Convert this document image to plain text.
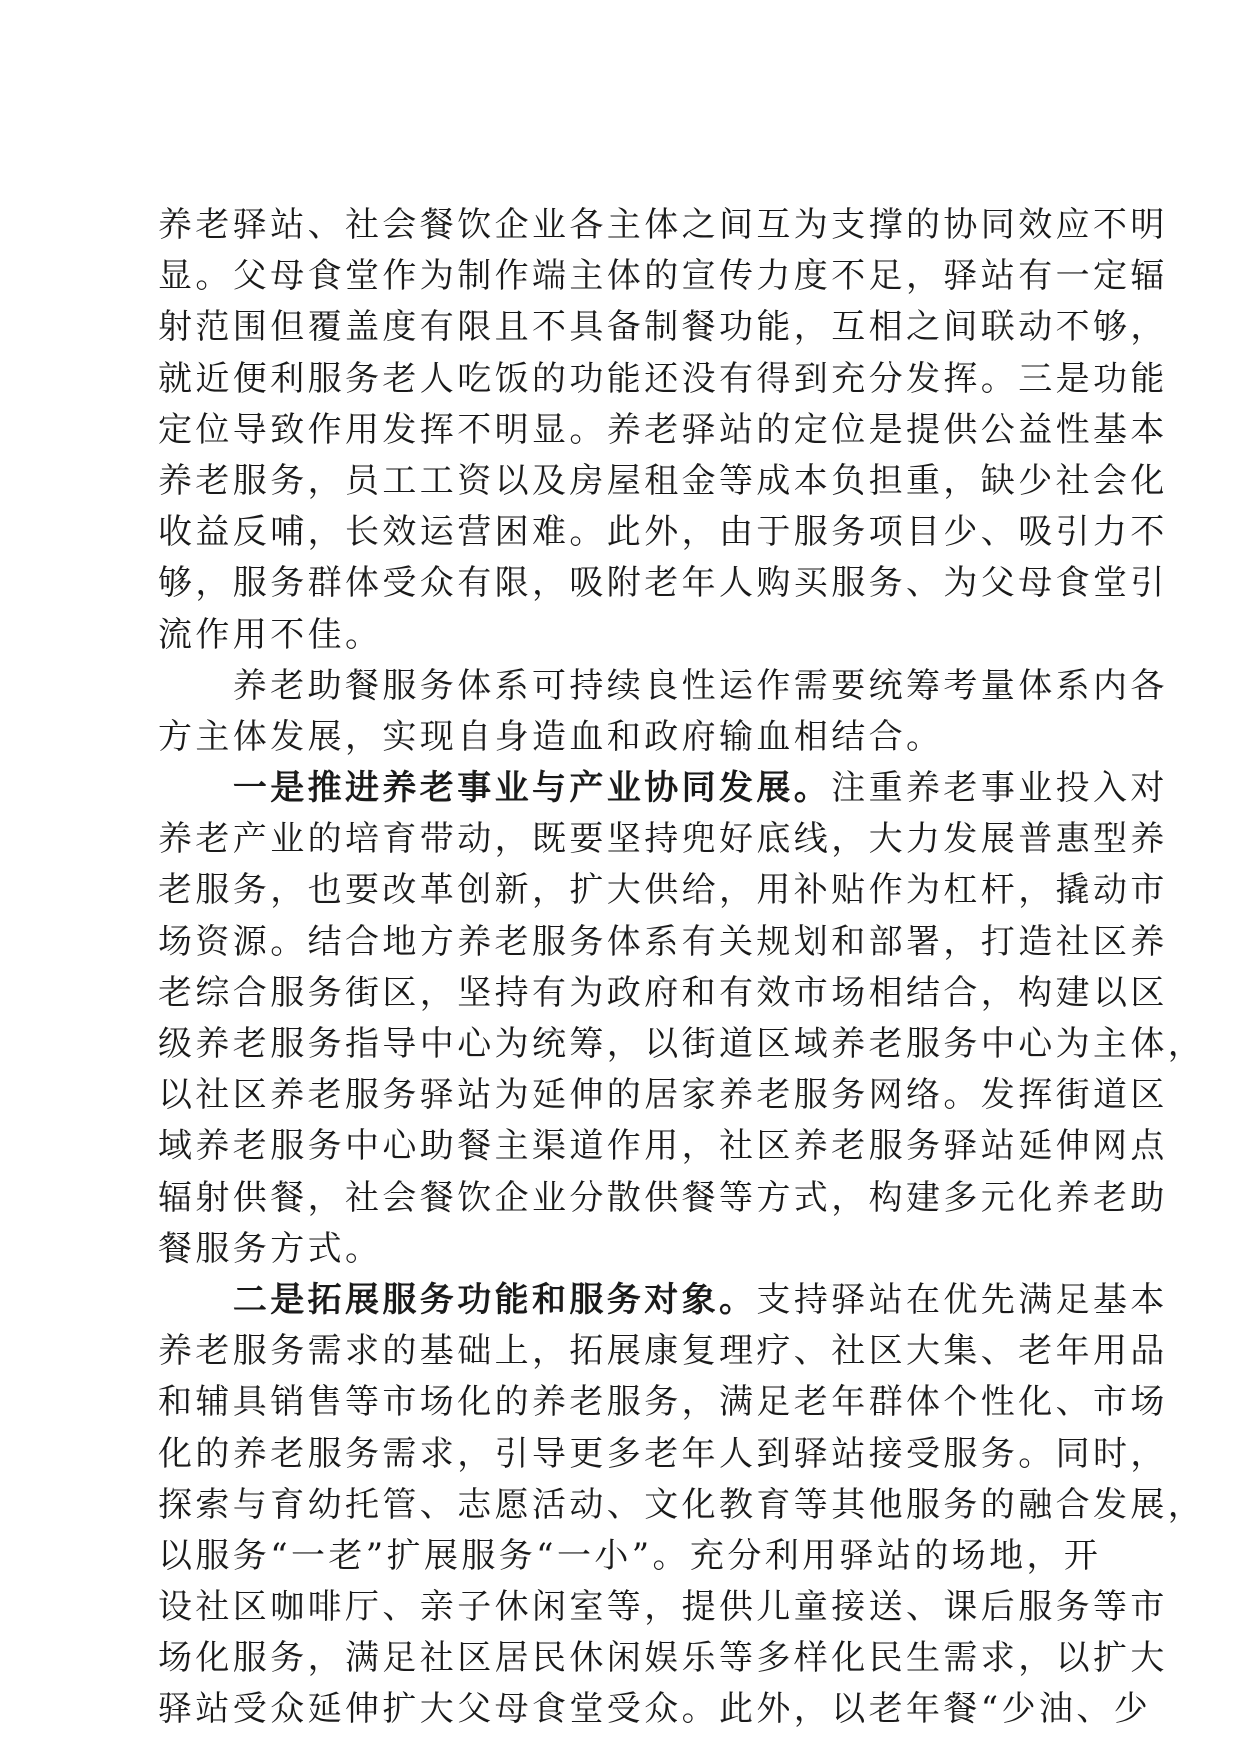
养老驿站、社会餐饮企业各主体之间互为支撑的协同效应不明
显。父母食堂作为制作端主体的宣传力度不足，驿站有一定辐
射范围但覆盖度有限且不具备制餐功能，互相之间联动不够，
就近便利服务老人吃饭的功能还没有得到充分发挥。三是功能
定位导致作用发挥不明显。养老驿站的定位是提供公益性基本
养老服务，员工工资以及房屋租金等成本负担重，缺少社会化
收益反哺，长效运营困难。此外，由于服务项目少、吸引力不
够，服务群体受众有限，吸附老年人购买服务、为父母食堂引
流作用不佳。
　　养老助餐服务体系可持续良性运作需要统筹考量体系内各
方主体发展，实现自身造血和政府输血相结合。
　　一是推进养老事业与产业协同发展。注重养老事业投入对
养老产业的培育带动，既要坚持兜好底线，大力发展普惠型养
老服务，也要改革创新，扩大供给，用补贴作为杠杆，撬动市
场资源。结合地方养老服务体系有关规划和部署，打造社区养
老综合服务街区，坚持有为政府和有效市场相结合，构建以区
级养老服务指导中心为统筹，以街道区域养老服务中心为主体，
以社区养老服务驿站为延伸的居家养老服务网络。发挥街道区
域养老服务中心助餐主渠道作用，社区养老服务驿站延伸网点
辐射供餐，社会餐饮企业分散供餐等方式，构建多元化养老助
餐服务方式。
　　二是拓展服务功能和服务对象。支持驿站在优先满足基本
养老服务需求的基础上，拓展康复理疗、社区大集、老年用品
和辅具销售等市场化的养老服务，满足老年群体个性化、市场
化的养老服务需求，引导更多老年人到驿站接受服务。同时，
探索与育幼托管、志愿活动、文化教育等其他服务的融合发展，
以服务“一老”扩展服务“一小”。充分利用驿站的场地，开
设社区咖啡厅、亲子休闲室等，提供儿童接送、课后服务等市
场化服务，满足社区居民休闲娱乐等多样化民生需求，以扩大
驿站受众延伸扩大父母食堂受众。此外，以老年餐“少油、少
